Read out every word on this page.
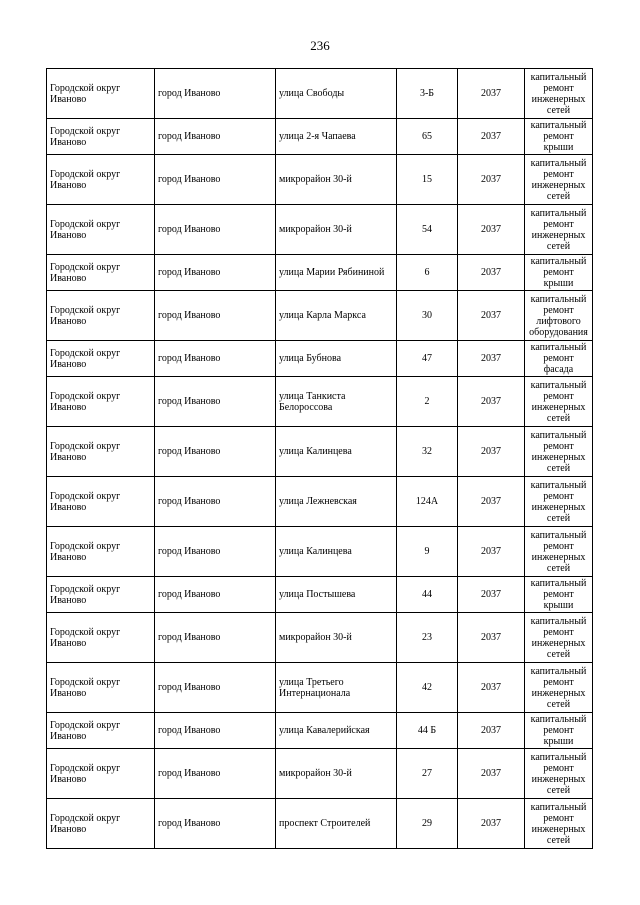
236
Городской округ Иваново	город Иваново	улица Свободы	3-Б	2037	капитальный ремонт инженерных сетей
Городской округ Иваново	город Иваново	улица 2-я Чапаева	65	2037	капитальный ремонт крыши
Городской округ Иваново	город Иваново	микрорайон 30-й	15	2037	капитальный ремонт инженерных сетей
Городской округ Иваново	город Иваново	микрорайон 30-й	54	2037	капитальный ремонт инженерных сетей
Городской округ Иваново	город Иваново	улица Марии Рябининой	6	2037	капитальный ремонт крыши
Городской округ Иваново	город Иваново	улица Карла Маркса	30	2037	капитальный ремонт лифтового оборудования
Городской округ Иваново	город Иваново	улица Бубнова	47	2037	капитальный ремонт фасада
Городской округ Иваново	город Иваново	улица Танкиста Белороссова	2	2037	капитальный ремонт инженерных сетей
Городской округ Иваново	город Иваново	улица Калинцева	32	2037	капитальный ремонт инженерных сетей
Городской округ Иваново	город Иваново	улица Лежневская	124А	2037	капитальный ремонт инженерных сетей
Городской округ Иваново	город Иваново	улица Калинцева	9	2037	капитальный ремонт инженерных сетей
Городской округ Иваново	город Иваново	улица Постышева	44	2037	капитальный ремонт крыши
Городской округ Иваново	город Иваново	микрорайон 30-й	23	2037	капитальный ремонт инженерных сетей
Городской округ Иваново	город Иваново	улица Третьего Интернационала	42	2037	капитальный ремонт инженерных сетей
Городской округ Иваново	город Иваново	улица Кавалерийская	44 Б	2037	капитальный ремонт крыши
Городской округ Иваново	город Иваново	микрорайон 30-й	27	2037	капитальный ремонт инженерных сетей
Городской округ Иваново	город Иваново	проспект Строителей	29	2037	капитальный ремонт инженерных сетей
